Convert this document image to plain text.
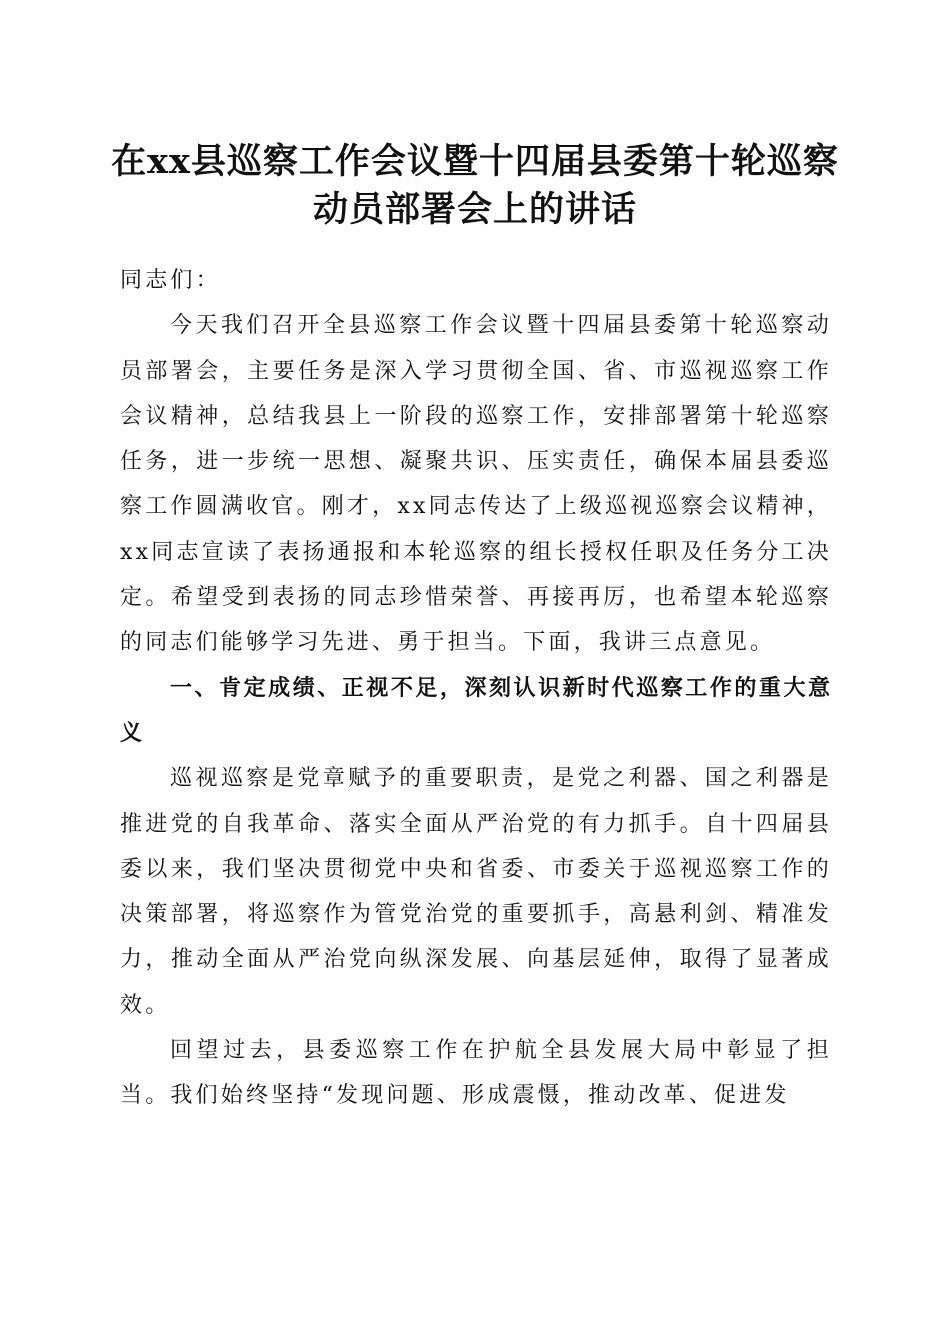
在xx县巡察工作会议暨十四届县委第十轮巡察动员部署会上的讲话

同志们：

今天我们召开全县巡察工作会议暨十四届县委第十轮巡察动员部署会，主要任务是深入学习贯彻全国、省、市巡视巡察工作会议精神，总结我县上一阶段的巡察工作，安排部署第十轮巡察任务，进一步统一思想、凝聚共识、压实责任，确保本届县委巡察工作圆满收官。刚才，xx同志传达了上级巡视巡察会议精神，xx同志宣读了表扬通报和本轮巡察的组长授权任职及任务分工决定。希望受到表扬的同志珍惜荣誉、再接再厉，也希望本轮巡察的同志们能够学习先进、勇于担当。下面，我讲三点意见。

一、肯定成绩、正视不足，深刻认识新时代巡察工作的重大意义

巡视巡察是党章赋予的重要职责，是党之利器、国之利器是推进党的自我革命、落实全面从严治党的有力抓手。自十四届县委以来，我们坚决贯彻党中央和省委、市委关于巡视巡察工作的决策部署，将巡察作为管党治党的重要抓手，高悬利剑、精准发力，推动全面从严治党向纵深发展、向基层延伸，取得了显著成效。

回望过去，县委巡察工作在护航全县发展大局中彰显了担当。我们始终坚持“发现问题、形成震慑，推动改革、促进发
